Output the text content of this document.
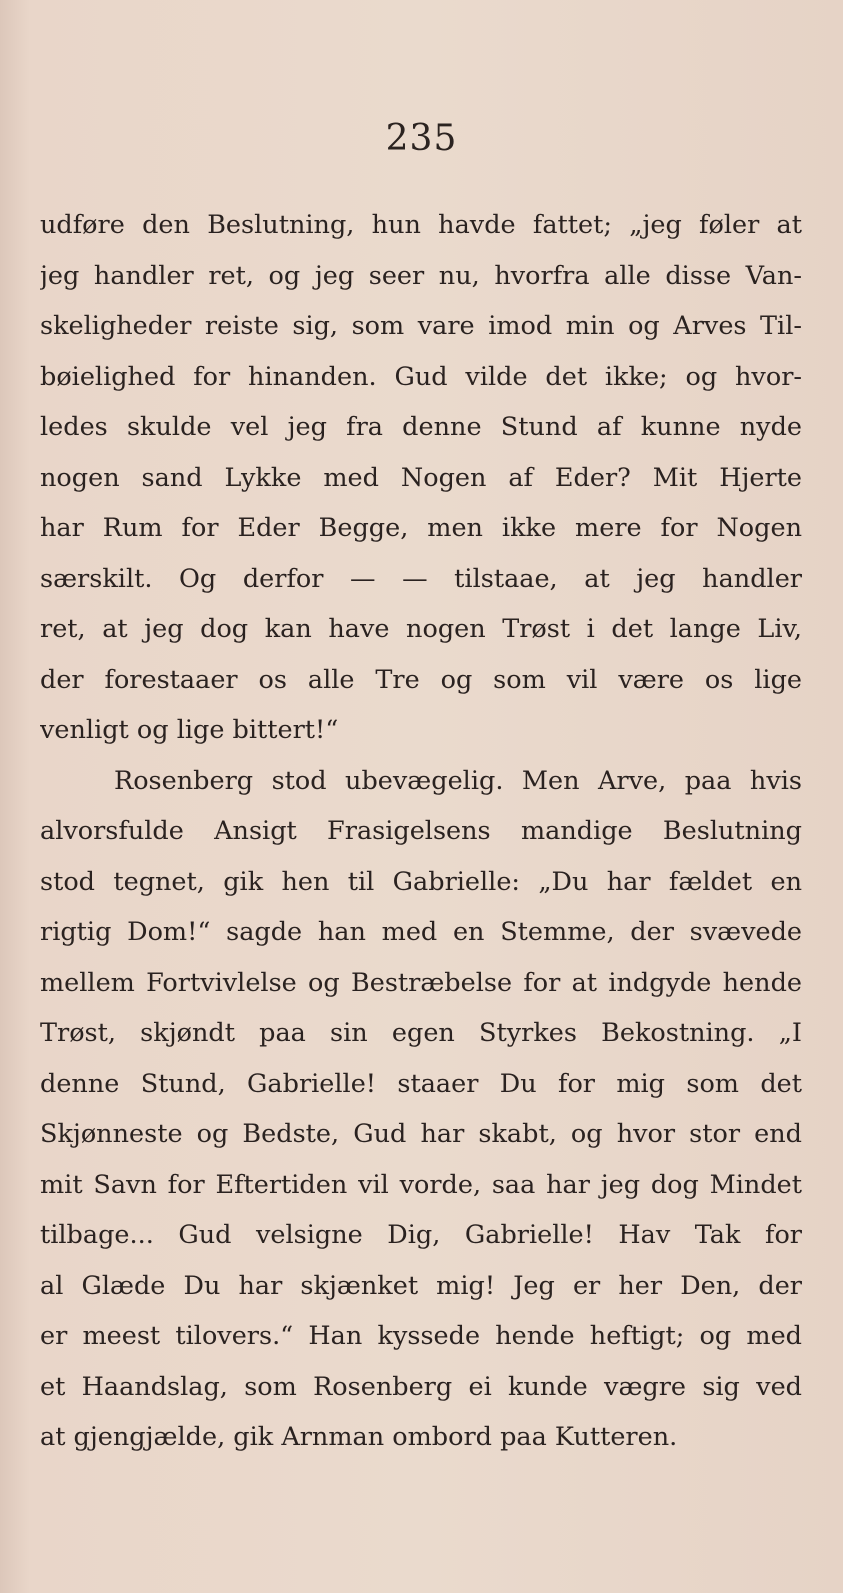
235
udføre den Beslutning, hun havde fattet; „jeg føler at
jeg handler ret, og jeg seer nu, hvorfra alle disse Van-
skeligheder reiste sig, som vare imod min og Arves Til-
bøielighed for hinanden. Gud vilde det ikke; og hvor-
ledes skulde vel jeg fra denne Stund af kunne nyde
nogen sand Lykke med Nogen af Eder? Mit Hjerte
har Rum for Eder Begge, men ikke mere for Nogen
særskilt. Og derfor — — tilstaae, at jeg handler
ret, at jeg dog kan have nogen Trøst i det lange Liv,
der forestaaer os alle Tre og som vil være os lige
venligt og lige bittert!“
Rosenberg stod ubevægelig. Men Arve, paa hvis
alvorsfulde Ansigt Frasigelsens mandige Beslutning
stod tegnet, gik hen til Gabrielle: „Du har fældet en
rigtig Dom!“ sagde han med en Stemme, der svævede
mellem Fortvivlelse og Bestræbelse for at indgyde hende
Trøst, skjøndt paa sin egen Styrkes Bekostning. „I
denne Stund, Gabrielle! staaer Du for mig som det
Skjønneste og Bedste, Gud har skabt, og hvor stor end
mit Savn for Eftertiden vil vorde, saa har jeg dog Mindet
tilbage... Gud velsigne Dig, Gabrielle! Hav Tak for
al Glæde Du har skjænket mig! Jeg er her Den, der
er meest tilovers.“ Han kyssede hende heftigt; og med
et Haandslag, som Rosenberg ei kunde vægre sig ved
at gjengjælde, gik Arnman ombord paa Kutteren.
